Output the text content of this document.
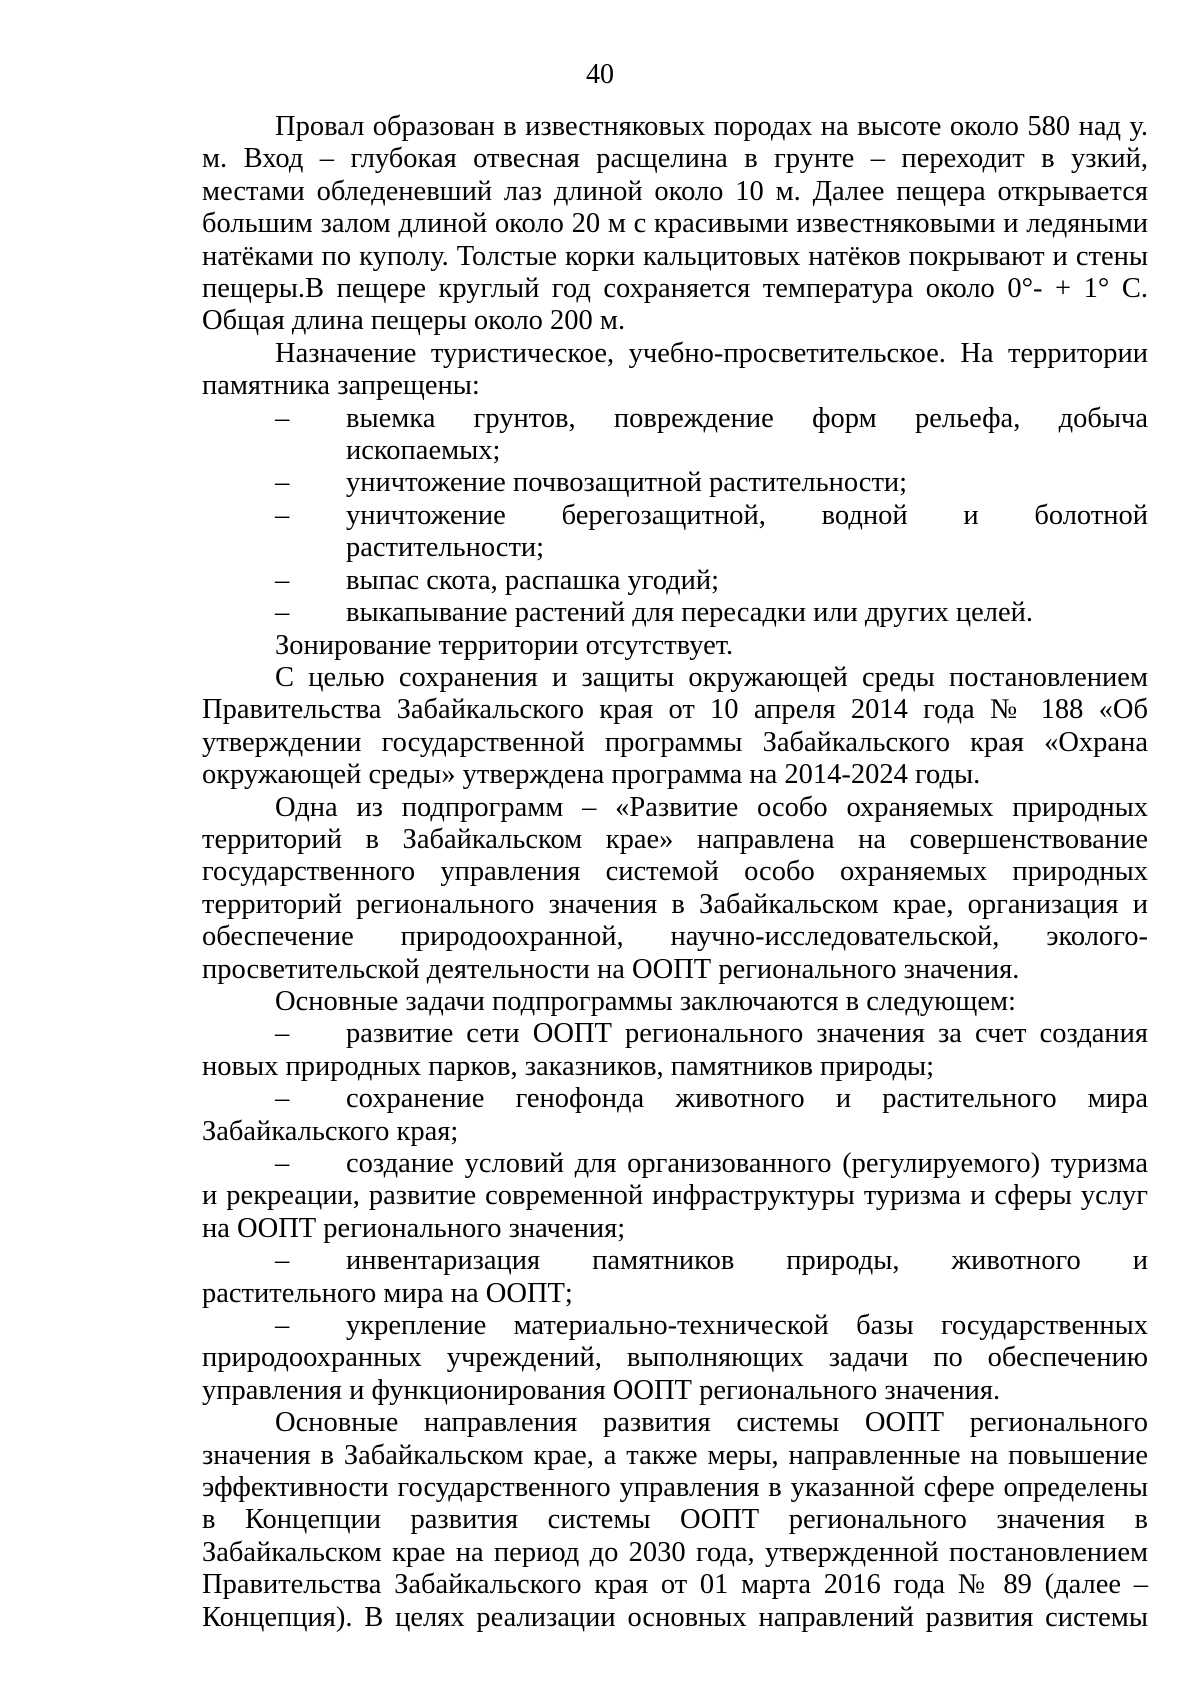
40

Провал образован в известняковых породах на высоте около 580 над у. м. Вход – глубокая отвесная расщелина в грунте – переходит в узкий, местами обледеневший лаз длиной около 10 м. Далее пещера открывается большим залом длиной около 20 м с красивыми известняковыми и ледяными натёками по куполу. Толстые корки кальцитовых натёков покрывают и стены пещеры.В пещере круглый год сохраняется температура около 0°- + 1° С. Общая длина пещеры около 200 м.

Назначение туристическое, учебно-просветительское. На территории памятника запрещены:

– выемка грунтов, повреждение форм рельефа, добыча ископаемых;

– уничтожение почвозащитной растительности;

– уничтожение берегозащитной, водной и болотной растительности;

– выпас скота, распашка угодий;

– выкапывание растений для пересадки или других целей.

Зонирование территории отсутствует.

С целью сохранения и защиты окружающей среды постановлением Правительства Забайкальского края от 10 апреля 2014 года № 188 «Об утверждении государственной программы Забайкальского края «Охрана окружающей среды» утверждена программа на 2014-2024 годы.

Одна из подпрограмм – «Развитие особо охраняемых природных территорий в Забайкальском крае» направлена на совершенствование государственного управления системой особо охраняемых природных территорий регионального значения в Забайкальском крае, организация и обеспечение природоохранной, научно-исследовательской, эколого-просветительской деятельности на ООПТ регионального значения.

Основные задачи подпрограммы заключаются в следующем:

– развитие сети ООПТ регионального значения за счет создания новых природных парков, заказников, памятников природы;

– сохранение генофонда животного и растительного мира Забайкальского края;

– создание условий для организованного (регулируемого) туризма и рекреации, развитие современной инфраструктуры туризма и сферы услуг на ООПТ регионального значения;

– инвентаризация памятников природы, животного и растительного мира на ООПТ;

– укрепление материально-технической базы государственных природоохранных учреждений, выполняющих задачи по обеспечению управления и функционирования ООПТ регионального значения.

Основные направления развития системы ООПТ регионального значения в Забайкальском крае, а также меры, направленные на повышение эффективности государственного управления в указанной сфере определены в Концепции развития системы ООПТ регионального значения в Забайкальском крае на период до 2030 года, утвержденной постановлением Правительства Забайкальского края от 01 марта 2016 года № 89 (далее – Концепция). В целях реализации основных направлений развития системы
